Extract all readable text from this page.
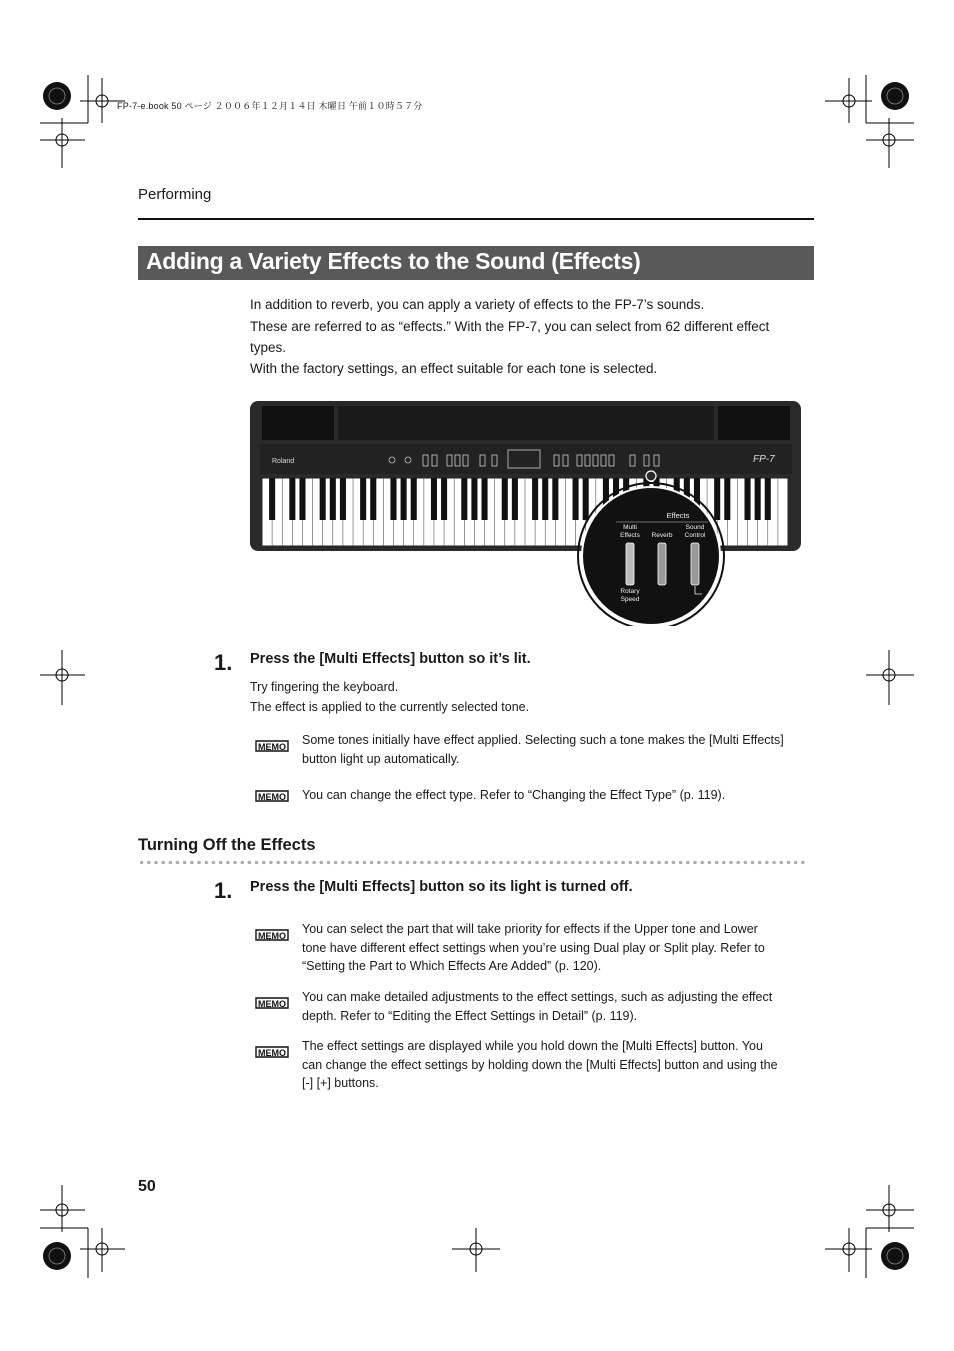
FP-7-e.book 50 ページ ２００６年１２月１４日 木曜日 午前１０時５７分
Performing
Adding a Variety Effects to the Sound (Effects)
In addition to reverb, you can apply a variety of effects to the FP-7’s sounds.
These are referred to as “effects.” With the FP-7, you can select from 62 different effect
types.
With the factory settings, an effect suitable for each tone is selected.
Roland	FP-7
Effects
Multi
Effects Reverb
Sound
Control
Rotary
Speed
1. Press the [Multi Effects] button so it’s lit.
Try fingering the keyboard.
The effect is applied to the currently selected tone.
MEMO Some tones initially have effect applied. Selecting such a tone makes the [Multi Effects]
button light up automatically.
MEMO You can change the effect type. Refer to “Changing the Effect Type” (p. 119).
Turning Off the Effects
1. Press the [Multi Effects] button so its light is turned off.
MEMO You can select the part that will take priority for effects if the Upper tone and Lower
tone have different effect settings when you’re using Dual play or Split play. Refer to
“Setting the Part to Which Effects Are Added” (p. 120).
MEMO You can make detailed adjustments to the effect settings, such as adjusting the effect
depth. Refer to “Editing the Effect Settings in Detail” (p. 119).
MEMO The effect settings are displayed while you hold down the [Multi Effects] button. You
can change the effect settings by holding down the [Multi Effects] button and using the
[-] [+] buttons.
50
